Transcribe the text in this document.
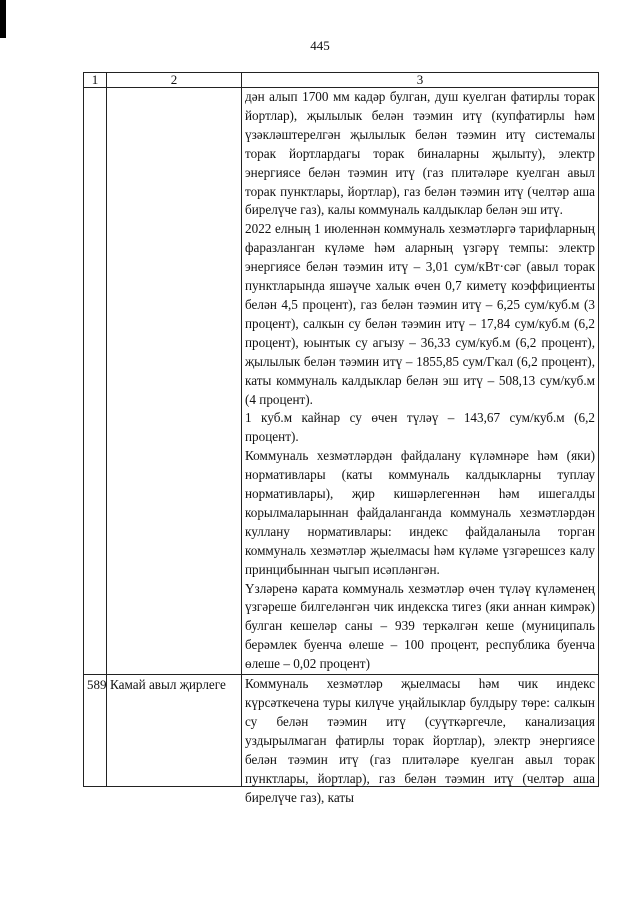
445
1	2	3

		дән алып 1700 мм кадәр булган, душ куелган фатирлы торак йортлар), җылылык белән тәэмин итү (купфатирлы һәм үзәкләштерелгән җылылык белән тәэмин итү системалы торак йортлардагы торак биналарны җылыту), электр энергиясе белән тәэмин итү (газ плитәләре куелган авыл торак пунктлары, йортлар), газ белән тәэмин итү (челтәр аша бирелүче газ), калы коммуналь калдыклар белән эш итү.

2022 елның 1 июленнән коммуналь хезмәтләргә тарифларның фаразланган күләме һәм аларның үзгәрү темпы: электр энергиясе белән тәэмин итү – 3,01 сум/кВт·сәг (авыл торак пунктларында яшәүче халык өчен 0,7 киметү коэффициенты белән 4,5 процент), газ белән тәэмин итү – 6,25 сум/куб.м (3 процент), салкын су белән тәэмин итү – 17,84 сум/куб.м (6,2 процент), юынтык су агызу – 36,33 сум/куб.м (6,2 процент), җылылык белән тәэмин итү – 1855,85 сум/Гкал (6,2 процент), каты коммуналь калдыклар белән эш итү – 508,13 сум/куб.м (4 процент).

1 куб.м кайнар су өчен түләү – 143,67 сум/куб.м (6,2 процент).

Коммуналь хезмәтләрдән файдалану күләмнәре һәм (яки) нормативлары (каты коммуналь калдыкларны туплау нормативлары), җир кишәрлегеннән һәм ишегалды корылмаларыннан файдаланганда коммуналь хезмәтләрдән куллану нормативлары: индекс файдаланыла торган коммуналь хезмәтләр җыелмасы һәм күләме үзгәрешсез калу принцибыннан чыгып исәпләнгән.

Үзләренә карата коммуналь хезмәтләр өчен түләү күләменең үзгәреше билгеләнгән чик индекска тигез (яки аннан кимрәк) булган кешеләр саны – 939 теркәлгән кеше (муниципаль берәмлек буенча өлеше – 100 процент, республика буенча өлеше – 0,02 процент)

589	Камай авыл җирлеге	Коммуналь хезмәтләр җыелмасы һәм чик индекс күрсәткечена туры килүче уңайлыклар булдыру төре: салкын су белән тәэмин итү (суүткәргечле, канализация уздырылмаган фатирлы торак йортлар), электр энергиясе белән тәэмин итү (газ плитәләре куелган авыл торак пунктлары, йортлар), газ белән тәэмин итү (челтәр аша бирелүче газ), каты
